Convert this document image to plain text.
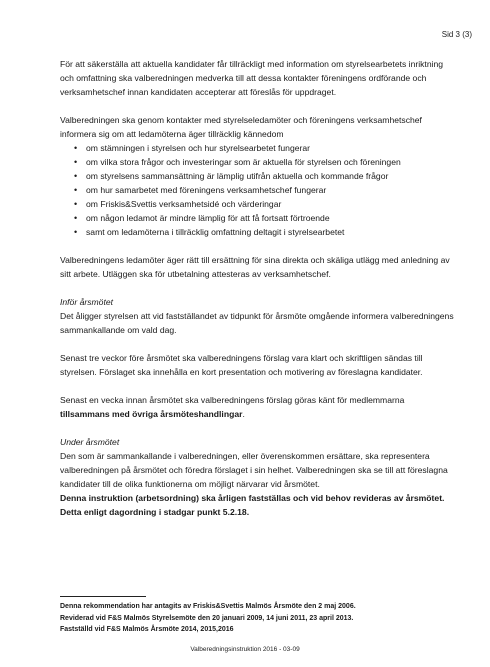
Sid 3 (3)

För att säkerställa att aktuella kandidater får tillräckligt med information om styrelsearbetets inriktning och omfattning ska valberedningen medverka till att dessa kontakter föreningens ordförande och verksamhetschef innan kandidaten accepterar att föreslås för uppdraget.

Valberedningen ska genom kontakter med styrelseledamöter och föreningens verksamhetschef informera sig om att ledamöterna äger tillräcklig kännedom

• om stämningen i styrelsen och hur styrelsearbetet fungerar
• om vilka stora frågor och investeringar som är aktuella för styrelsen och föreningen
• om styrelsens sammansättning är lämplig utifrån aktuella och kommande frågor
• om hur samarbetet med föreningens verksamhetschef fungerar
• om Friskis&Svettis verksamhetsidé och värderingar
• om någon ledamot är mindre lämplig för att få fortsatt förtroende
• samt om ledamöterna i tillräcklig omfattning deltagit i styrelsearbetet

Valberedningens ledamöter äger rätt till ersättning för sina direkta och skäliga utlägg med anledning av sitt arbete. Utläggen ska för utbetalning attesteras av verksamhetschef.

Inför årsmötet

Det åligger styrelsen att vid fastställandet av tidpunkt för årsmöte omgående informera valberedningens sammankallande om vald dag.

Senast tre veckor före årsmötet ska valberedningens förslag vara klart och skriftligen sändas till styrelsen. Förslaget ska innehålla en kort presentation och motivering av föreslagna kandidater.

Senast en vecka innan årsmötet ska valberedningens förslag göras känt för medlemmarna tillsammans med övriga årsmöteshandlingar.

Under årsmötet

Den som är sammankallande i valberedningen, eller överenskommen ersättare, ska representera valberedningen på årsmötet och föredra förslaget i sin helhet. Valberedningen ska se till att föreslagna kandidater till de olika funktionerna om möjligt närvarar vid årsmötet.

Denna instruktion (arbetsordning) ska årligen fastställas och vid behov revideras av årsmötet. Detta enligt dagordning i stadgar punkt 5.2.18.

Denna rekommendation har antagits av Friskis&Svettis Malmös Årsmöte den 2 maj 2006.
Reviderad vid F&S Malmös Styrelsemöte den 20 januari 2009, 14 juni 2011, 23 april 2013.
Fastställd vid F&S Malmös Årsmöte 2014, 2015,2016
Valberedningsinstruktion 2016 - 03-09
